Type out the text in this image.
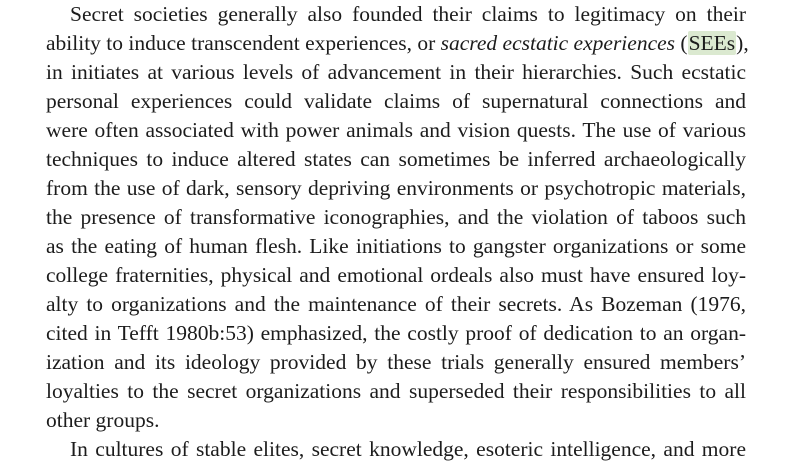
Secret societies generally also founded their claims to legitimacy on their
ability to induce transcendent experiences, or sacred ecstatic experiences (SEEs),
in initiates at various levels of advancement in their hierarchies. Such ecstatic
personal experiences could validate claims of supernatural connections and
were often associated with power animals and vision quests. The use of various
techniques to induce altered states can sometimes be inferred archaeologically
from the use of dark, sensory depriving environments or psychotropic materials,
the presence of transformative iconographies, and the violation of taboos such
as the eating of human flesh. Like initiations to gangster organizations or some
college fraternities, physical and emotional ordeals also must have ensured loy-
alty to organizations and the maintenance of their secrets. As Bozeman (1976,
cited in Tefft 1980b:53) emphasized, the costly proof of dedication to an organ-
ization and its ideology provided by these trials generally ensured members’
loyalties to the secret organizations and superseded their responsibilities to all
other groups.
In cultures of stable elites, secret knowledge, esoteric intelligence, and more
